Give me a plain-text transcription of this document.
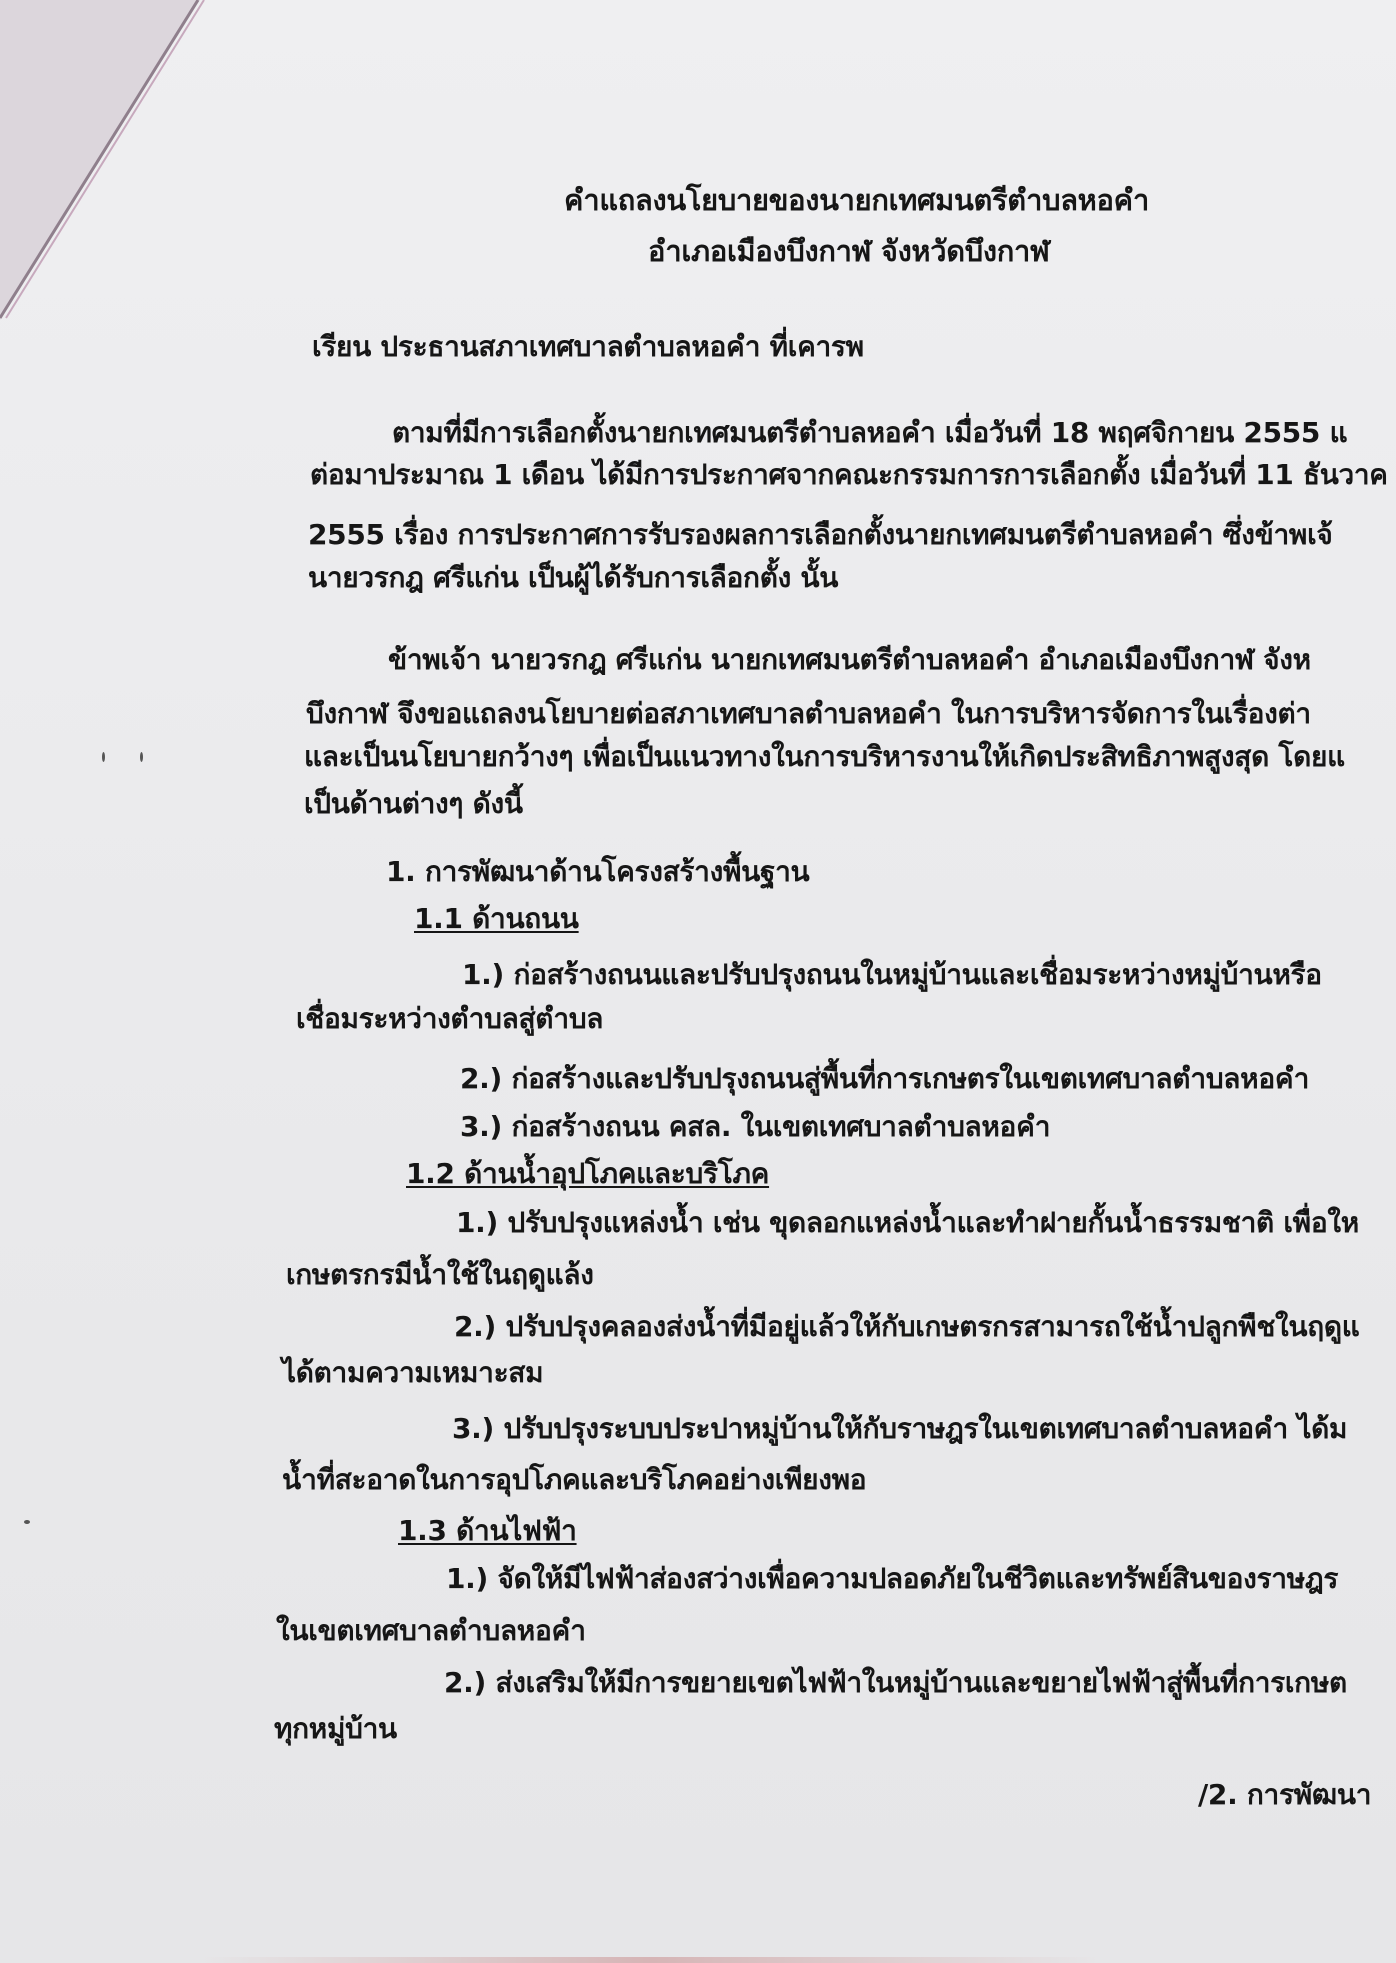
คำแถลงนโยบายของนายกเทศมนตรีตำบลหอคำ
อำเภอเมืองบึงกาฬ จังหวัดบึงกาฬ
เรียน ประธานสภาเทศบาลตำบลหอคำ ที่เคารพ
ตามที่มีการเลือกตั้งนายกเทศมนตรีตำบลหอคำ เมื่อวันที่ 18 พฤศจิกายน 2555 แ
ต่อมาประมาณ 1 เดือน ได้มีการประกาศจากคณะกรรมการการเลือกตั้ง เมื่อวันที่ 11 ธันวาค
2555 เรื่อง การประกาศการรับรองผลการเลือกตั้งนายกเทศมนตรีตำบลหอคำ ซึ่งข้าพเจ้
นายวรกฎ ศรีแก่น เป็นผู้ได้รับการเลือกตั้ง นั้น
ข้าพเจ้า นายวรกฎ ศรีแก่น นายกเทศมนตรีตำบลหอคำ อำเภอเมืองบึงกาฬ จังห
บึงกาฬ จึงขอแถลงนโยบายต่อสภาเทศบาลตำบลหอคำ ในการบริหารจัดการในเรื่องต่า
และเป็นนโยบายกว้างๆ เพื่อเป็นแนวทางในการบริหารงานให้เกิดประสิทธิภาพสูงสุด โดยแ
เป็นด้านต่างๆ ดังนี้
1. การพัฒนาด้านโครงสร้างพื้นฐาน
1.1 ด้านถนน
1.) ก่อสร้างถนนและปรับปรุงถนนในหมู่บ้านและเชื่อมระหว่างหมู่บ้านหรือ
เชื่อมระหว่างตำบลสู่ตำบล
2.) ก่อสร้างและปรับปรุงถนนสู่พื้นที่การเกษตรในเขตเทศบาลตำบลหอคำ
3.) ก่อสร้างถนน คสล. ในเขตเทศบาลตำบลหอคำ
1.2 ด้านน้ำอุปโภคและบริโภค
1.) ปรับปรุงแหล่งน้ำ เช่น ขุดลอกแหล่งน้ำและทำฝายกั้นน้ำธรรมชาติ เพื่อให
เกษตรกรมีน้ำใช้ในฤดูแล้ง
2.) ปรับปรุงคลองส่งน้ำที่มีอยู่แล้วให้กับเกษตรกรสามารถใช้น้ำปลูกพืชในฤดูแ
ได้ตามความเหมาะสม
3.) ปรับปรุงระบบประปาหมู่บ้านให้กับราษฎรในเขตเทศบาลตำบลหอคำ ได้ม
น้ำที่สะอาดในการอุปโภคและบริโภคอย่างเพียงพอ
1.3 ด้านไฟฟ้า
1.) จัดให้มีไฟฟ้าส่องสว่างเพื่อความปลอดภัยในชีวิตและทรัพย์สินของราษฎร
ในเขตเทศบาลตำบลหอคำ
2.) ส่งเสริมให้มีการขยายเขตไฟฟ้าในหมู่บ้านและขยายไฟฟ้าสู่พื้นที่การเกษต
ทุกหมู่บ้าน
/2. การพัฒนา
